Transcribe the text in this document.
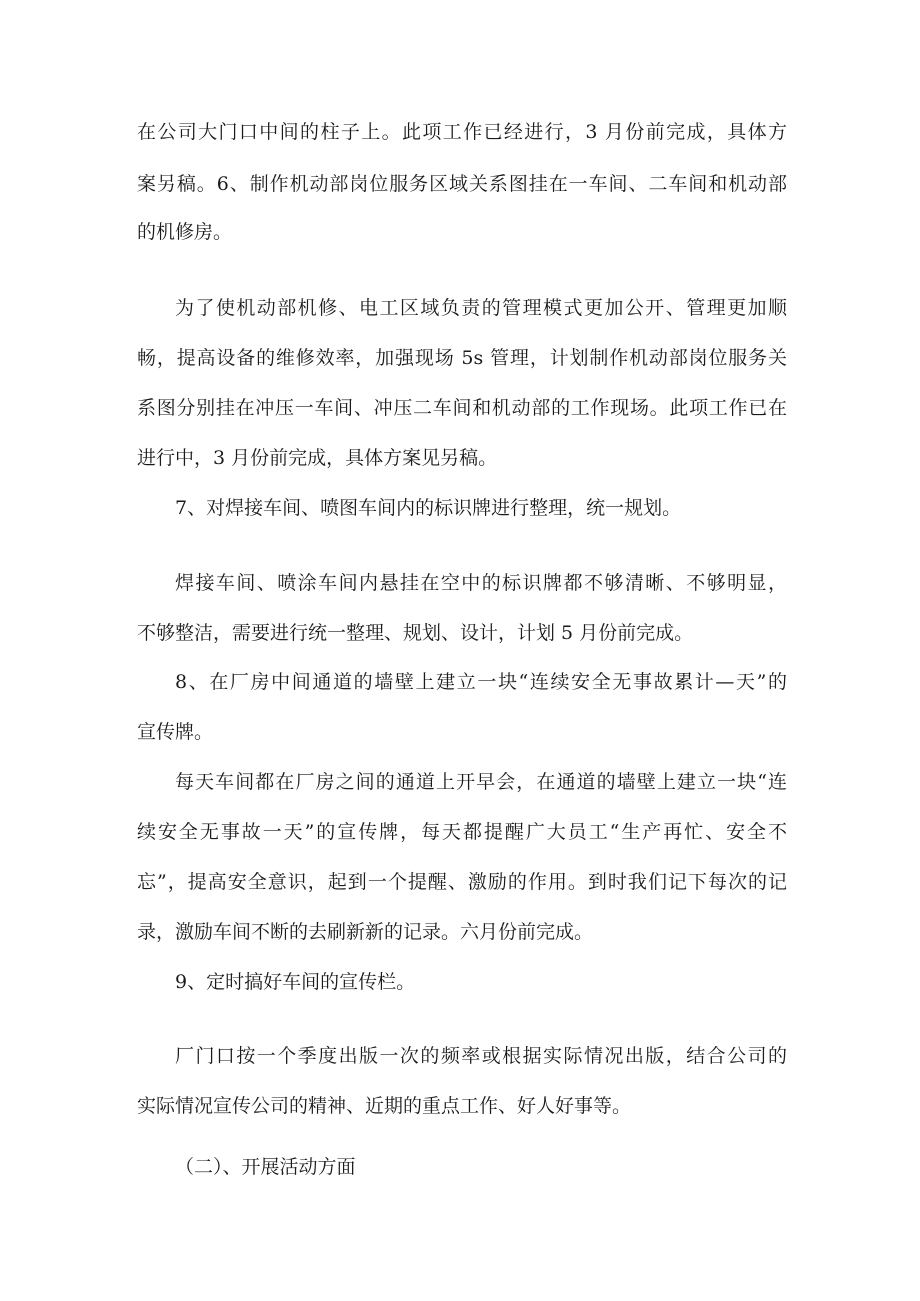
在公司大门口中间的柱子上。此项工作已经进行，3 月份前完成，具体方
案另稿。6、制作机动部岗位服务区域关系图挂在一车间、二车间和机动部
的机修房。
为了使机动部机修、电工区域负责的管理模式更加公开、管理更加顺
畅，提高设备的维修效率，加强现场 5s 管理，计划制作机动部岗位服务关
系图分别挂在冲压一车间、冲压二车间和机动部的工作现场。此项工作已在
进行中，3 月份前完成，具体方案见另稿。
7、对焊接车间、喷图车间内的标识牌进行整理，统一规划。
焊接车间、喷涂车间内悬挂在空中的标识牌都不够清晰、不够明显，
不够整洁，需要进行统一整理、规划、设计，计划 5 月份前完成。
8、在厂房中间通道的墙壁上建立一块“连续安全无事故累计—天”的
宣传牌。
每天车间都在厂房之间的通道上开早会，在通道的墙壁上建立一块“连
续安全无事故一天”的宣传牌，每天都提醒广大员工“生产再忙、安全不
忘”，提高安全意识，起到一个提醒、激励的作用。到时我们记下每次的记
录，激励车间不断的去刷新新的记录。六月份前完成。
9、定时搞好车间的宣传栏。
厂门口按一个季度出版一次的频率或根据实际情况出版，结合公司的
实际情况宣传公司的精神、近期的重点工作、好人好事等。
（二）、开展活动方面
